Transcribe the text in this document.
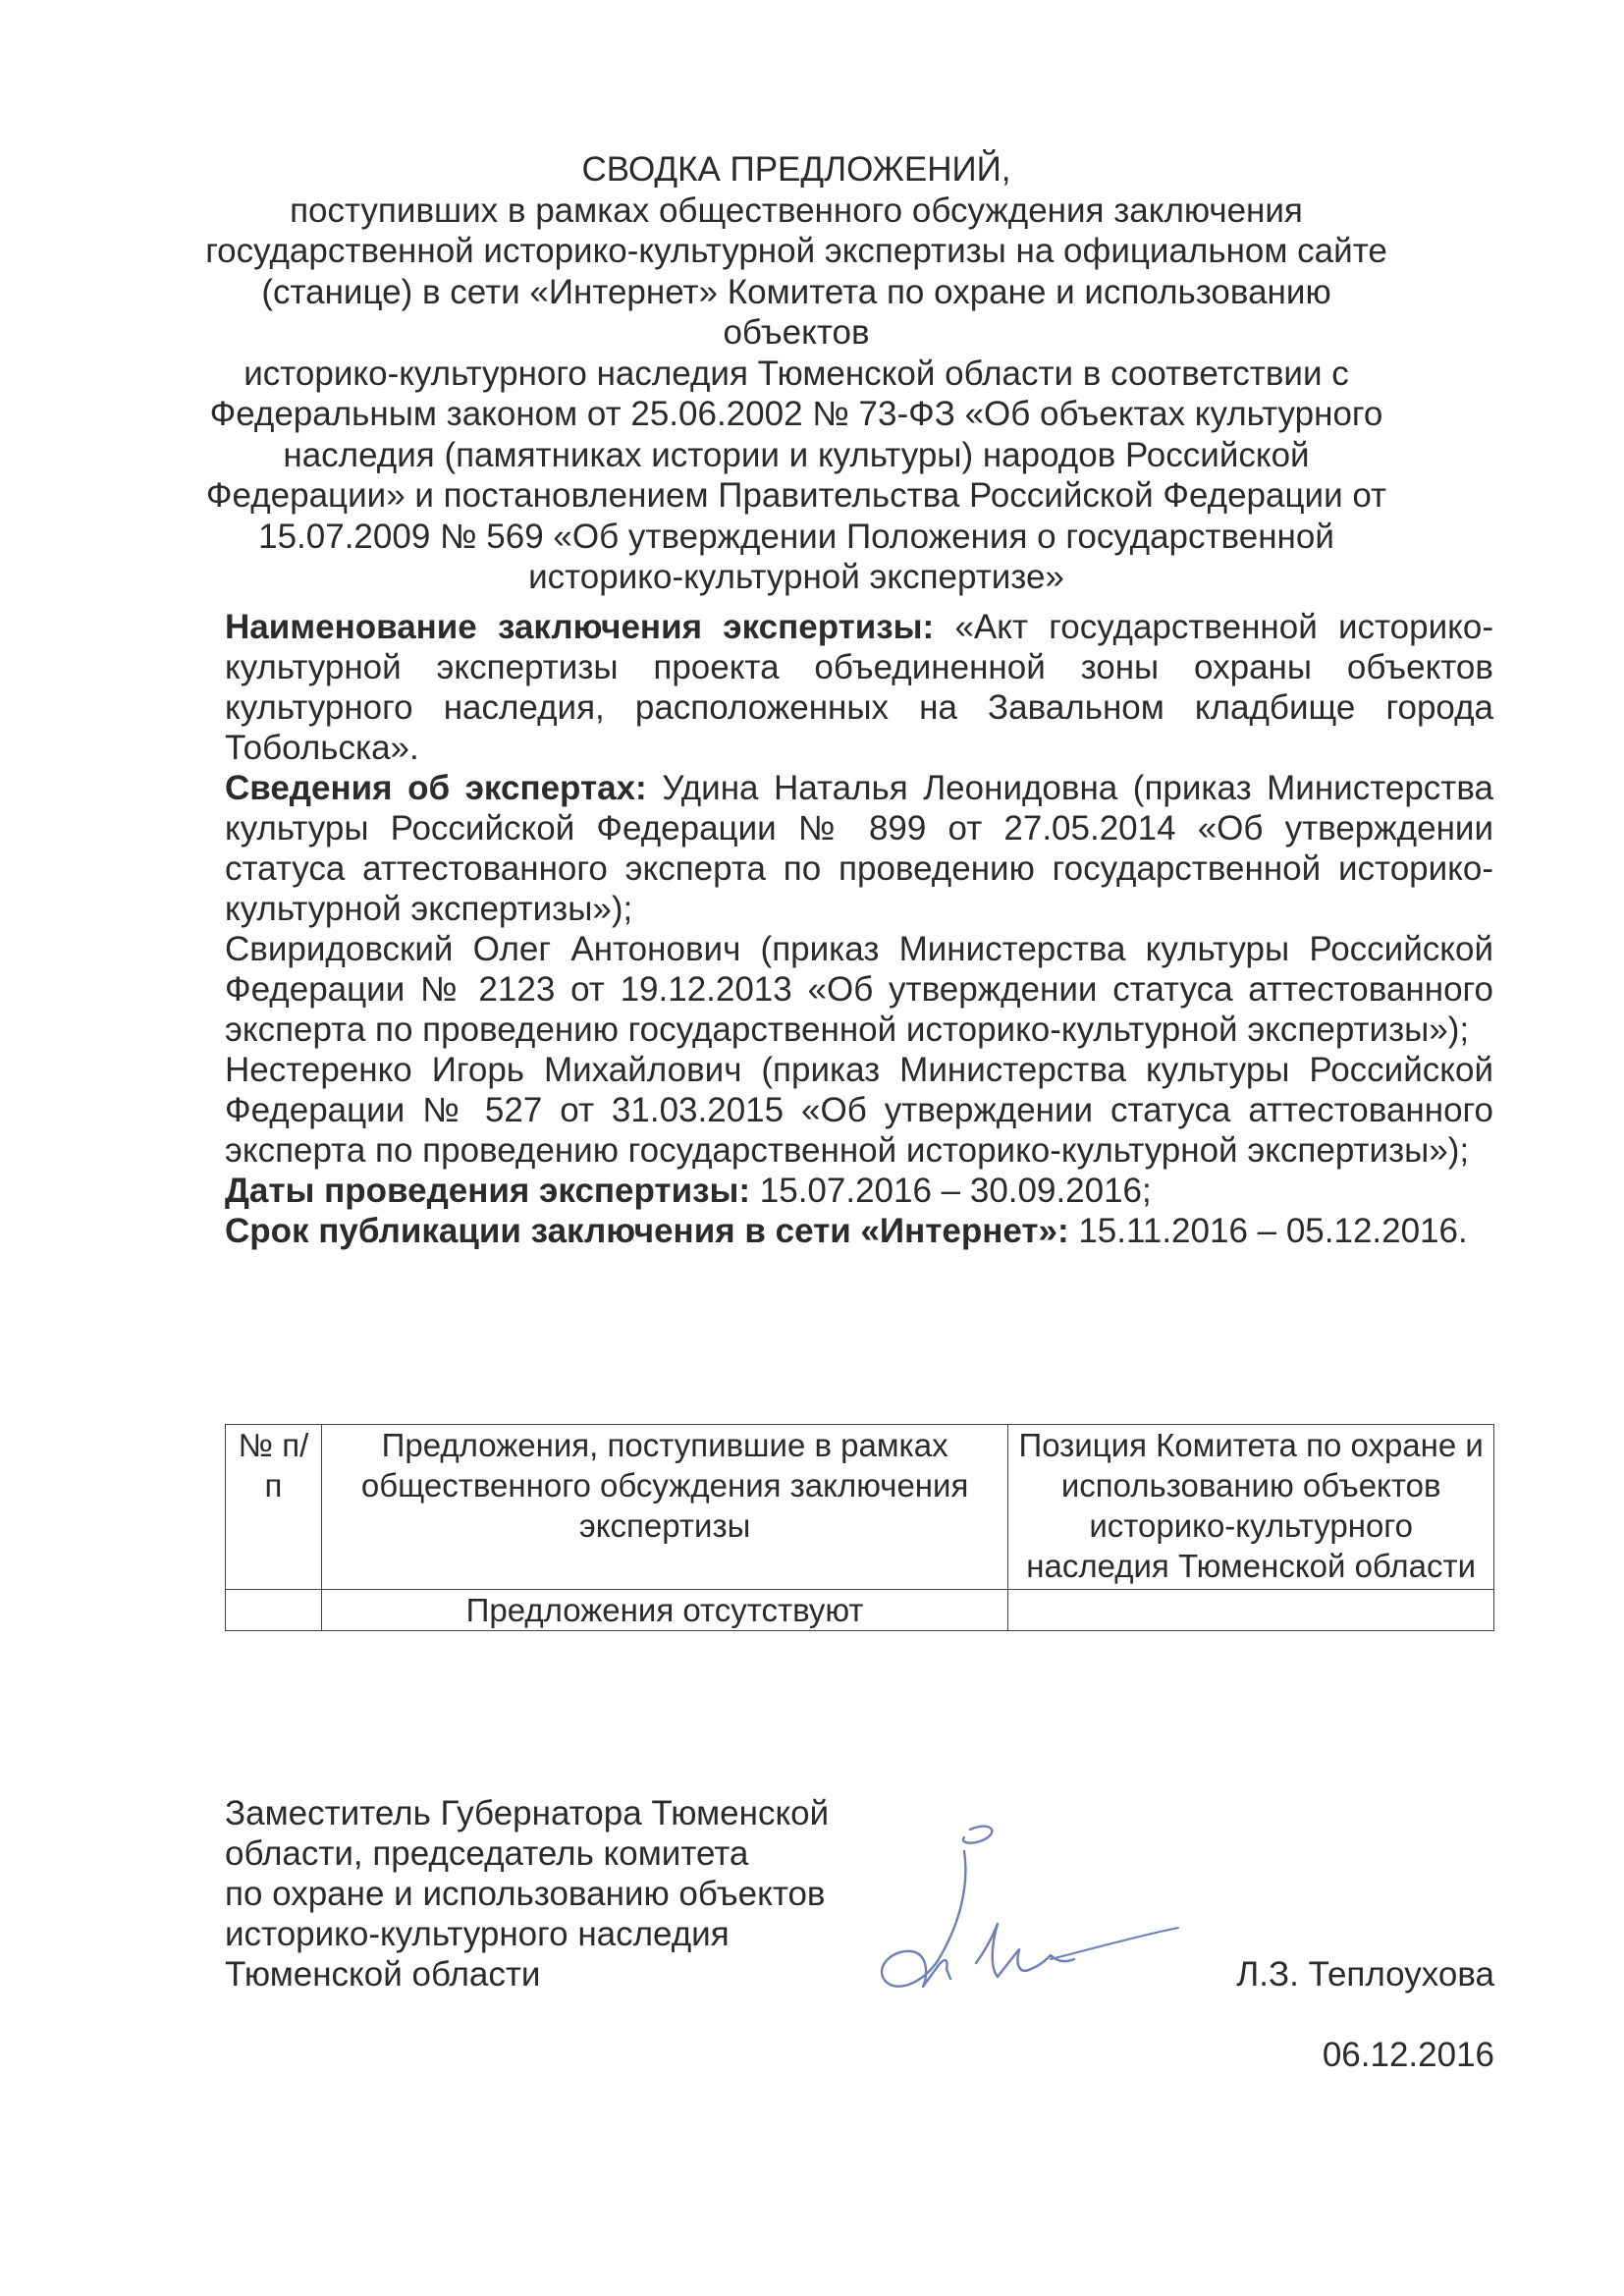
СВОДКА ПРЕДЛОЖЕНИЙ,
поступивших в рамках общественного обсуждения заключения
государственной историко-культурной экспертизы на официальном сайте
(станице) в сети «Интернет» Комитета по охране и использованию объектов
историко-культурного наследия Тюменской области в соответствии с
Федеральным законом от 25.06.2002 № 73-ФЗ «Об объектах культурного
наследия (памятниках истории и культуры) народов Российской
Федерации» и постановлением Правительства Российской Федерации от
15.07.2009 № 569 «Об утверждении Положения о государственной
историко-культурной экспертизе»

Наименование заключения экспертизы: «Акт государственной историко-культурной экспертизы проекта объединенной зоны охраны объектов культурного наследия, расположенных на Завальном кладбище города Тобольска».

Сведения об экспертах: Удина Наталья Леонидовна (приказ Министерства культуры Российской Федерации № 899 от 27.05.2014 «Об утверждении статуса аттестованного эксперта по проведению государственной историко-культурной экспертизы»);

Свиридовский Олег Антонович (приказ Министерства культуры Российской Федерации № 2123 от 19.12.2013 «Об утверждении статуса аттестованного эксперта по проведению государственной историко-культурной экспертизы»);

Нестеренко Игорь Михайлович (приказ Министерства культуры Российской Федерации № 527 от 31.03.2015 «Об утверждении статуса аттестованного эксперта по проведению государственной историко-культурной экспертизы»);

Даты проведения экспертизы: 15.07.2016 – 30.09.2016;

Срок публикации заключения в сети «Интернет»: 15.11.2016 – 05.12.2016.

№ п/п	Предложения, поступившие в рамках общественного обсуждения заключения экспертизы	Позиция Комитета по охране и использованию объектов историко-культурного наследия Тюменской области
	Предложения отсутствуют	
Заместитель Губернатора Тюменской
области, председатель комитета
по охране и использованию объектов
историко-культурного наследия
Тюменской области	Л.З. Теплоухова
06.12.2016
